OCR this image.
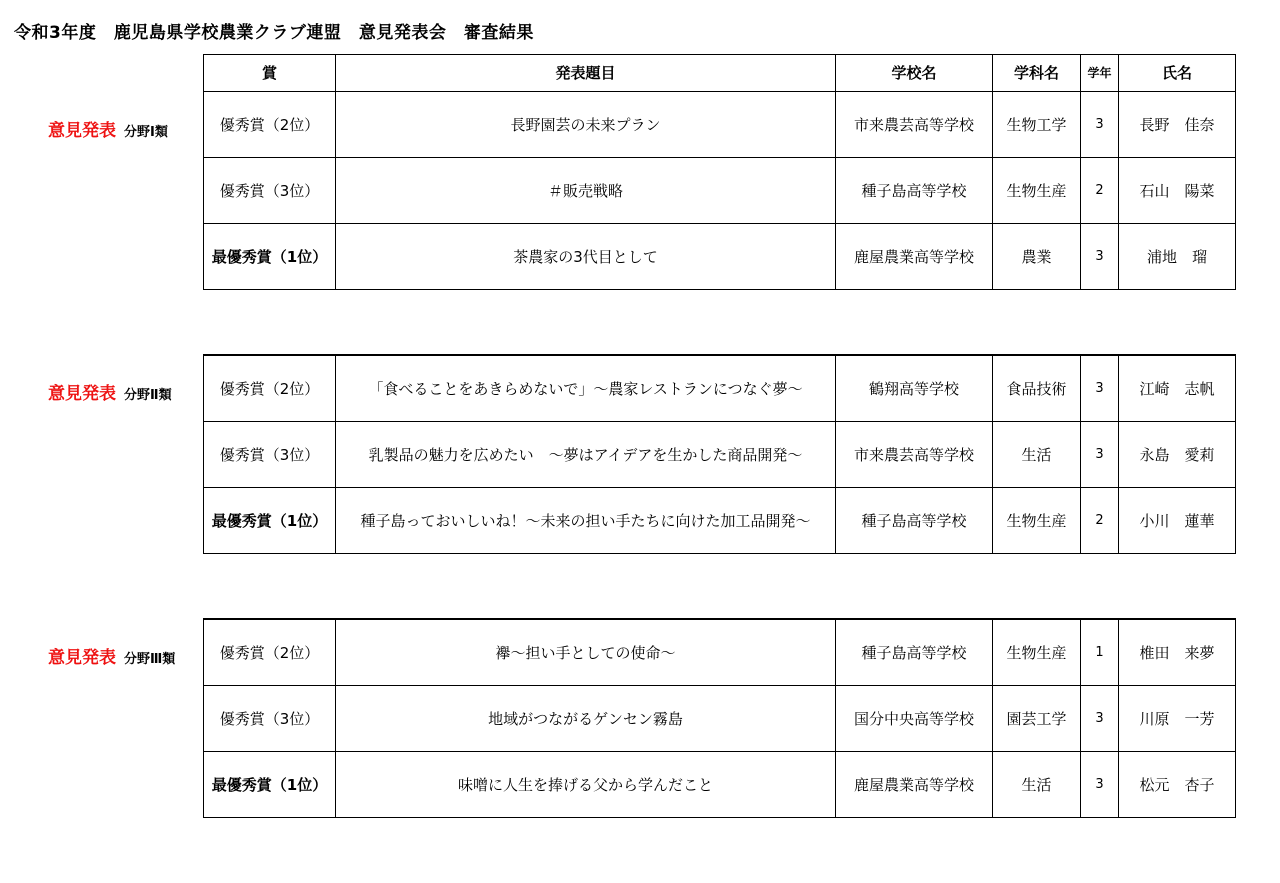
令和3年度　鹿児島県学校農業クラブ連盟　意見発表会　審査結果
意見発表 分野Ⅰ類
賞	発表題目	学校名	学科名	学年	氏名
優秀賞（2位）	長野園芸の未来プラン	市来農芸高等学校	生物工学	3	長野　佳奈
優秀賞（3位）	＃販売戦略	種子島高等学校	生物生産	2	石山　陽菜
最優秀賞（1位）	茶農家の3代目として	鹿屋農業高等学校	農業	3	浦地　瑠
意見発表 分野Ⅱ類	優秀賞（2位）	「食べることをあきらめないで」～農家レストランにつなぐ夢～	鶴翔高等学校	食品技術	3	江崎　志帆
優秀賞（3位）	乳製品の魅力を広めたい　～夢はアイデアを生かした商品開発～	市来農芸高等学校	生活	3	永島　愛莉
最優秀賞（1位）	種子島っておいしいね！～未来の担い手たちに向けた加工品開発～	種子島高等学校	生物生産	2	小川　蓮華
意見発表 分野Ⅲ類	優秀賞（2位）	襷～担い手としての使命～	種子島高等学校	生物生産	1	椎田　来夢
優秀賞（3位）	地域がつながるゲンセン霧島	国分中央高等学校	園芸工学	3	川原　一芳
最優秀賞（1位）	味噌に人生を捧げる父から学んだこと	鹿屋農業高等学校	生活	3	松元　杏子
